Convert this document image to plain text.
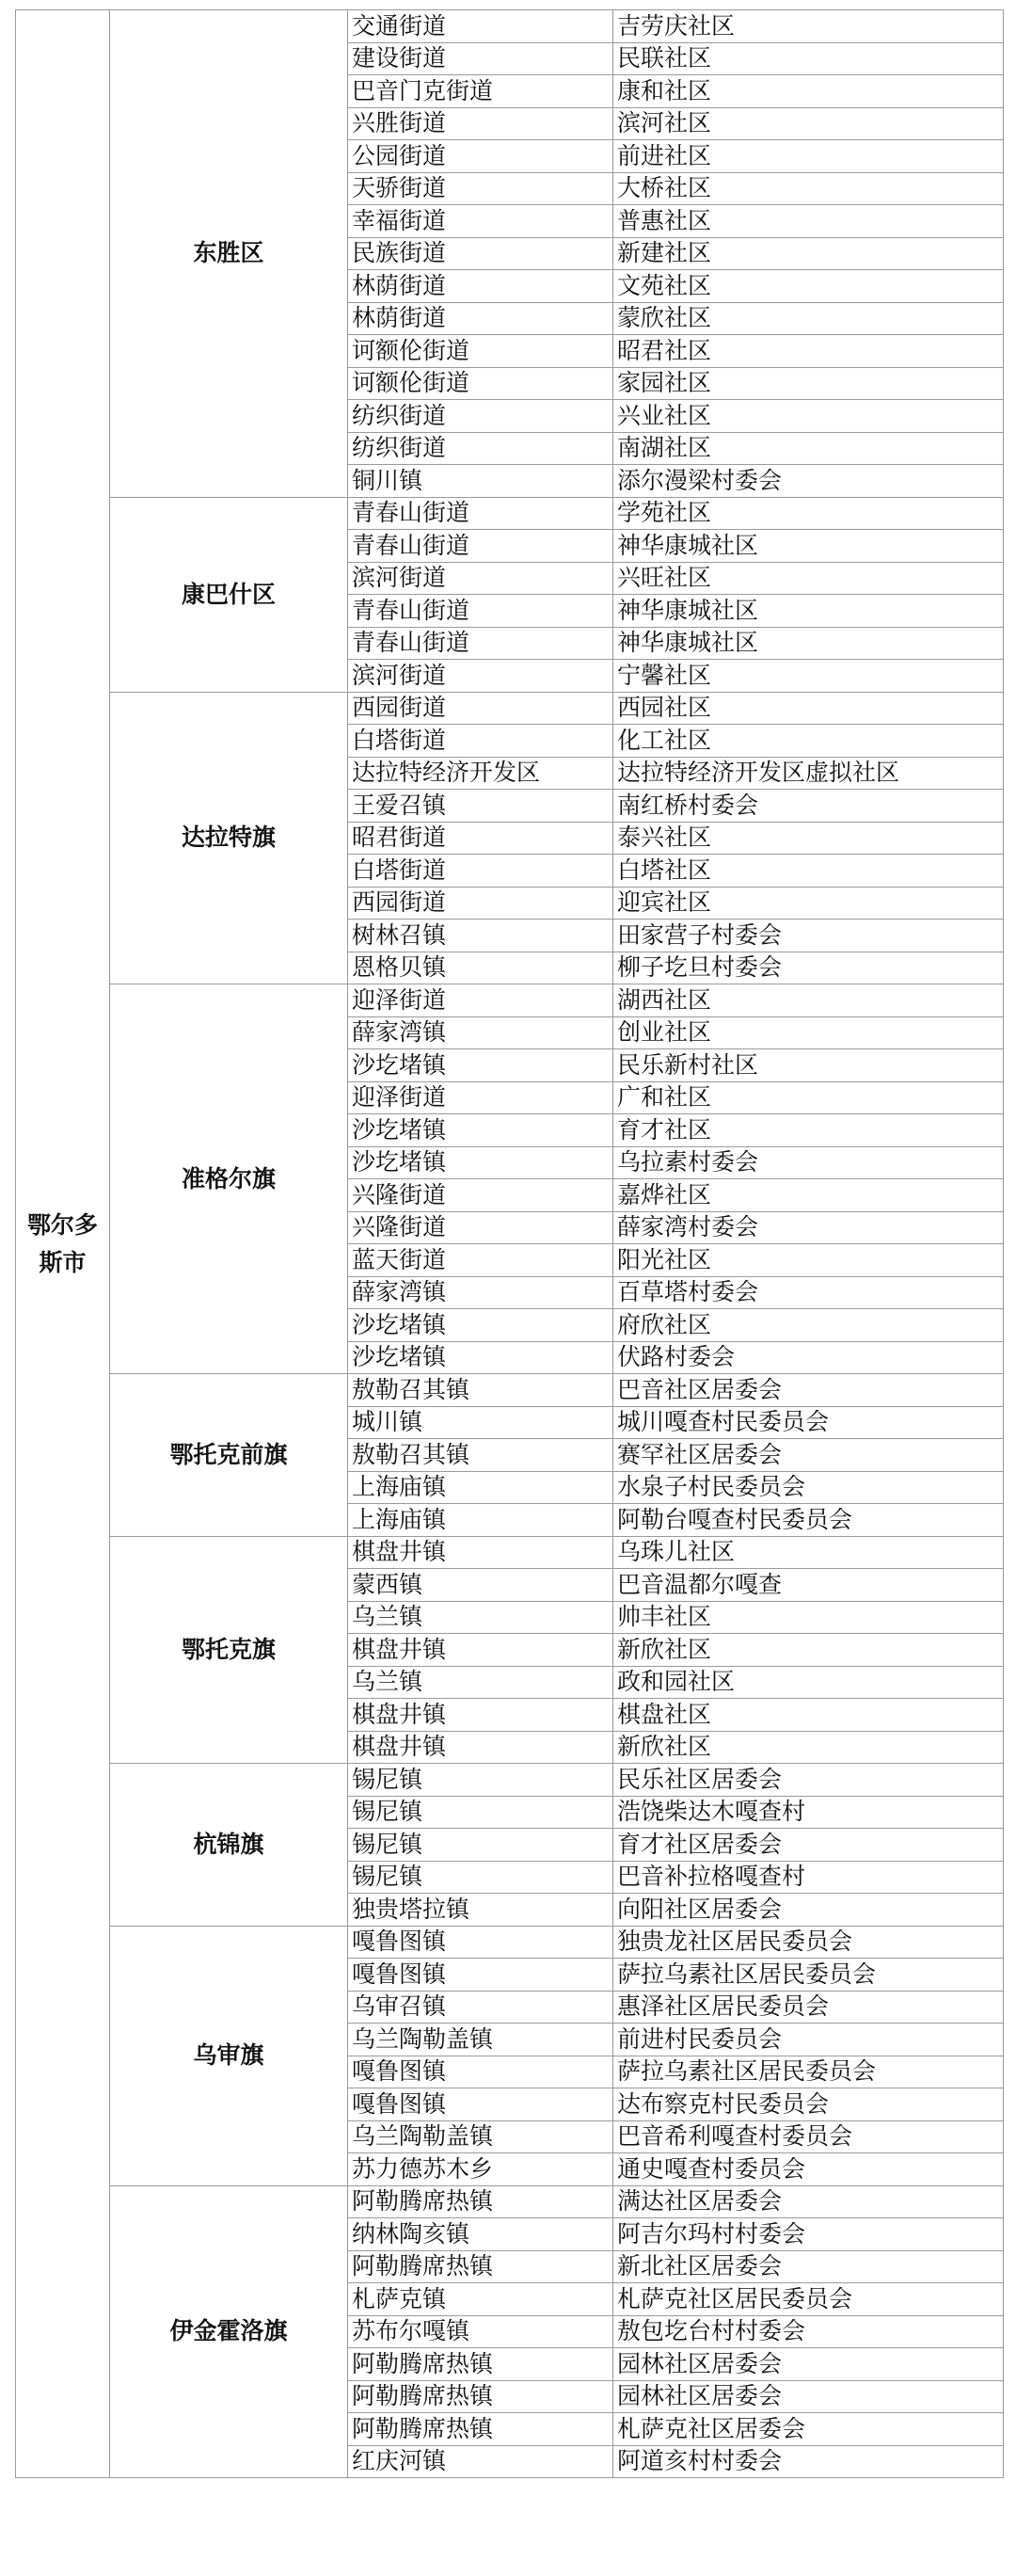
鄂尔多斯市	东胜区	交通街道	吉劳庆社区
		建设街道	民联社区
		巴音门克街道	康和社区
		兴胜街道	滨河社区
		公园街道	前进社区
		天骄街道	大桥社区
		幸福街道	普惠社区
		民族街道	新建社区
		林荫街道	文苑社区
		林荫街道	蒙欣社区
		诃额伦街道	昭君社区
		诃额伦街道	家园社区
		纺织街道	兴业社区
		纺织街道	南湖社区
		铜川镇	添尔漫梁村委会
	康巴什区	青春山街道	学苑社区
		青春山街道	神华康城社区
		滨河街道	兴旺社区
		青春山街道	神华康城社区
		青春山街道	神华康城社区
		滨河街道	宁馨社区
	达拉特旗	西园街道	西园社区
		白塔街道	化工社区
		达拉特经济开发区	达拉特经济开发区虚拟社区
		王爱召镇	南红桥村委会
		昭君街道	泰兴社区
		白塔街道	白塔社区
		西园街道	迎宾社区
		树林召镇	田家营子村委会
		恩格贝镇	柳子圪旦村委会
	准格尔旗	迎泽街道	湖西社区
		薛家湾镇	创业社区
		沙圪堵镇	民乐新村社区
		迎泽街道	广和社区
		沙圪堵镇	育才社区
		沙圪堵镇	乌拉素村委会
		兴隆街道	嘉烨社区
		兴隆街道	薛家湾村委会
		蓝天街道	阳光社区
		薛家湾镇	百草塔村委会
		沙圪堵镇	府欣社区
		沙圪堵镇	伏路村委会
	鄂托克前旗	敖勒召其镇	巴音社区居委会
		城川镇	城川嘎查村民委员会
		敖勒召其镇	赛罕社区居委会
		上海庙镇	水泉子村民委员会
		上海庙镇	阿勒台嘎查村民委员会
	鄂托克旗	棋盘井镇	乌珠儿社区
		蒙西镇	巴音温都尔嘎查
		乌兰镇	帅丰社区
		棋盘井镇	新欣社区
		乌兰镇	政和园社区
		棋盘井镇	棋盘社区
		棋盘井镇	新欣社区
	杭锦旗	锡尼镇	民乐社区居委会
		锡尼镇	浩饶柴达木嘎查村
		锡尼镇	育才社区居委会
		锡尼镇	巴音补拉格嘎查村
		独贵塔拉镇	向阳社区居委会
	乌审旗	嘎鲁图镇	独贵龙社区居民委员会
		嘎鲁图镇	萨拉乌素社区居民委员会
		乌审召镇	惠泽社区居民委员会
		乌兰陶勒盖镇	前进村民委员会
		嘎鲁图镇	萨拉乌素社区居民委员会
		嘎鲁图镇	达布察克村民委员会
		乌兰陶勒盖镇	巴音希利嘎查村委员会
		苏力德苏木乡	通史嘎查村委员会
	伊金霍洛旗	阿勒腾席热镇	满达社区居委会
		纳林陶亥镇	阿吉尔玛村村委会
		阿勒腾席热镇	新北社区居委会
		札萨克镇	札萨克社区居民委员会
		苏布尔嘎镇	敖包圪台村村委会
		阿勒腾席热镇	园林社区居委会
		阿勒腾席热镇	园林社区居委会
		阿勒腾席热镇	札萨克社区居委会
		红庆河镇	阿道亥村村委会
